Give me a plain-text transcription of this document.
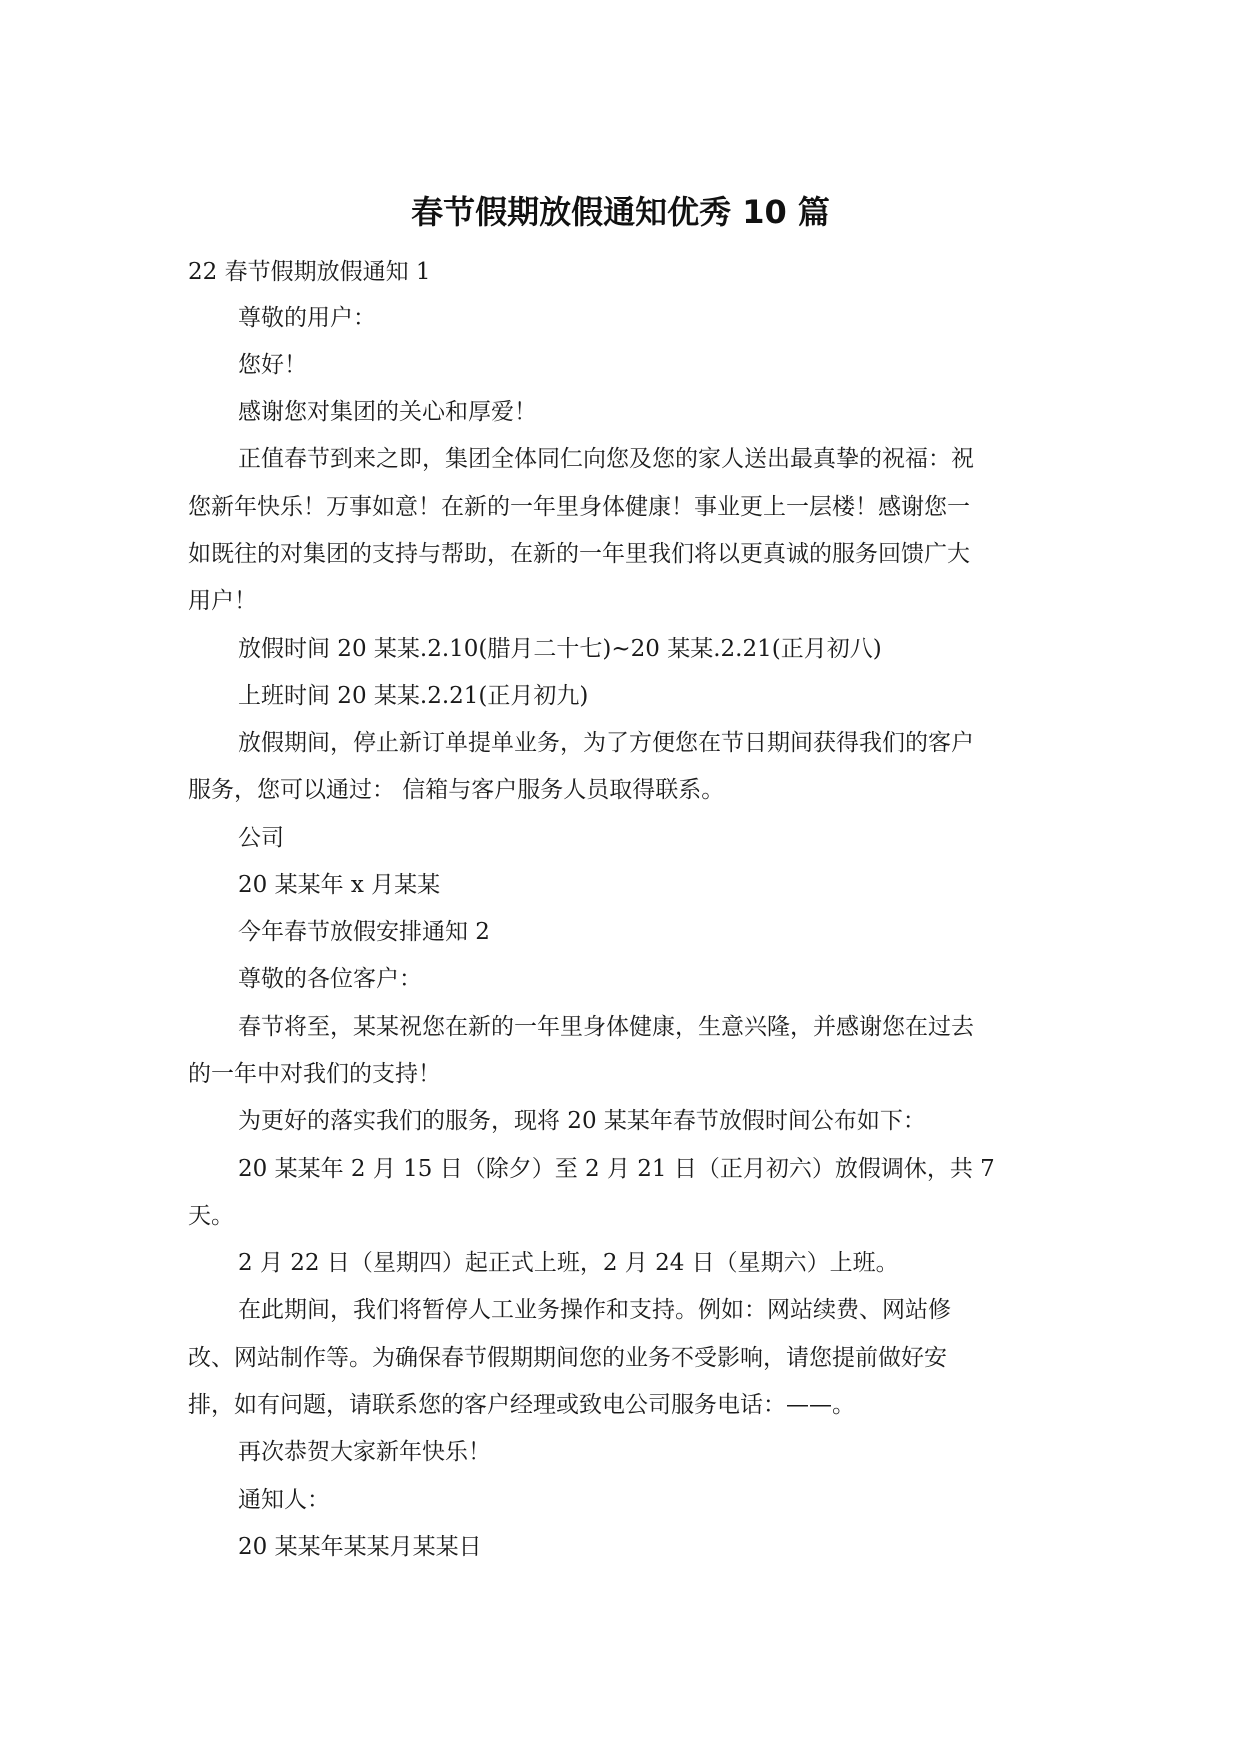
春节假期放假通知优秀 10 篇
22 春节假期放假通知 1
尊敬的用户：
您好！
感谢您对集团的关心和厚爱！
正值春节到来之即，集团全体同仁向您及您的家人送出最真挚的祝福：祝
您新年快乐！万事如意！在新的一年里身体健康！事业更上一层楼！感谢您一
如既往的对集团的支持与帮助，在新的一年里我们将以更真诚的服务回馈广大
用户！
放假时间 20 某某.2.10(腊月二十七)~20 某某.2.21(正月初八)
上班时间 20 某某.2.21(正月初九)
放假期间，停止新订单提单业务，为了方便您在节日期间获得我们的客户
服务，您可以通过： 信箱与客户服务人员取得联系。
公司
20 某某年 x 月某某
今年春节放假安排通知 2
尊敬的各位客户：
春节将至，某某祝您在新的一年里身体健康，生意兴隆，并感谢您在过去
的一年中对我们的支持！
为更好的落实我们的服务，现将 20 某某年春节放假时间公布如下：
20 某某年 2 月 15 日（除夕）至 2 月 21 日（正月初六）放假调休，共 7
天。
2 月 22 日（星期四）起正式上班，2 月 24 日（星期六）上班。
在此期间，我们将暂停人工业务操作和支持。例如：网站续费、网站修
改、网站制作等。为确保春节假期期间您的业务不受影响，请您提前做好安
排，如有问题，请联系您的客户经理或致电公司服务电话：——。
再次恭贺大家新年快乐！
通知人：
20 某某年某某月某某日
